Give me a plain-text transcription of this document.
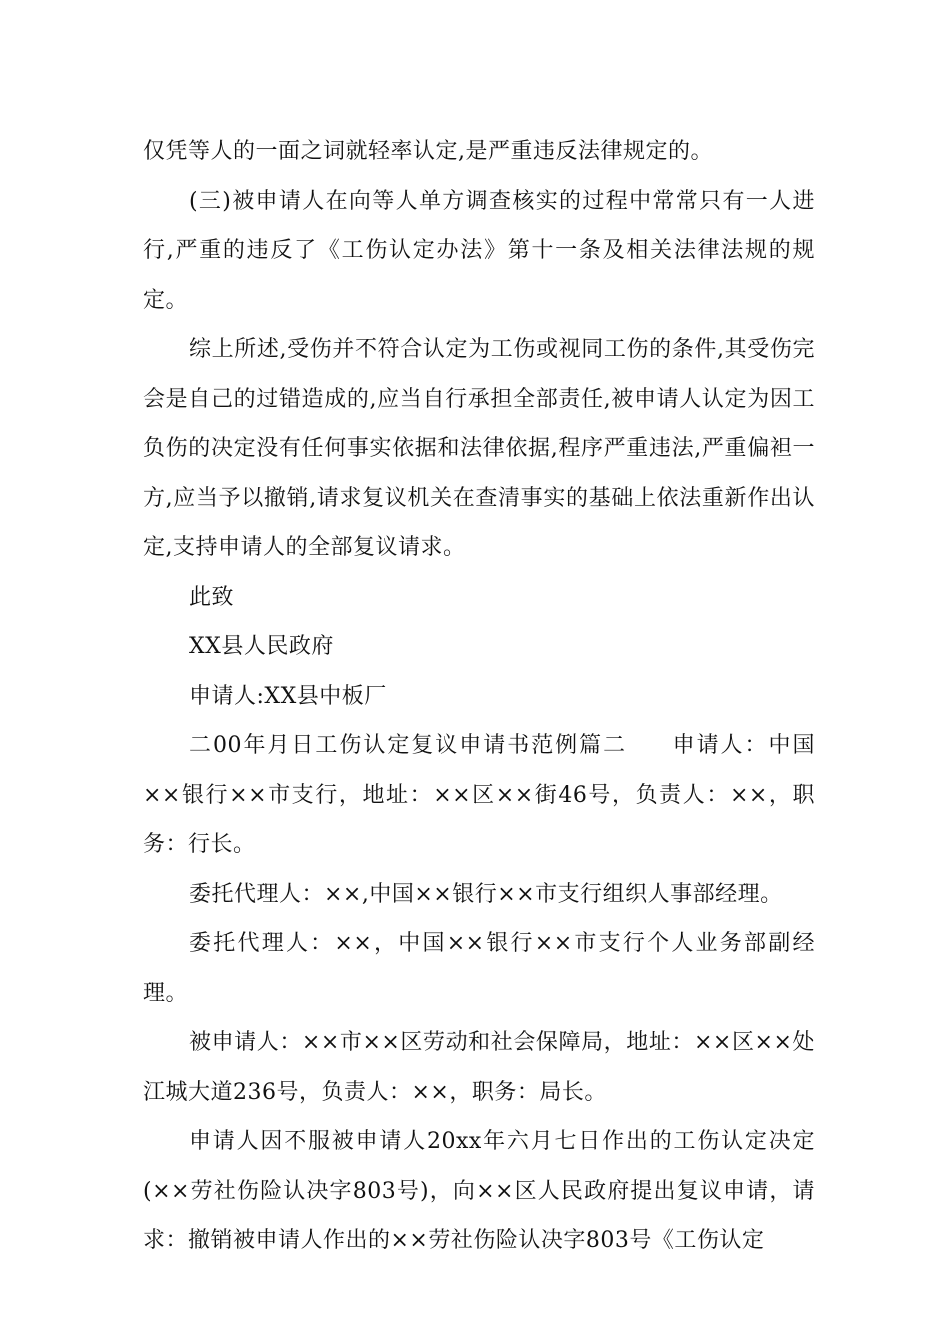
仅凭等人的一面之词就轻率认定,是严重违反法律规定的。

(三)被申请人在向等人单方调查核实的过程中常常只有一人进行,严重的违反了《工伤认定办法》第十一条及相关法律法规的规定。

综上所述,受伤并不符合认定为工伤或视同工伤的条件,其受伤完会是自己的过错造成的,应当自行承担全部责任,被申请人认定为因工负伤的决定没有任何事实依据和法律依据,程序严重违法,严重偏袒一方,应当予以撤销,请求复议机关在查清事实的基础上依法重新作出认定,支持申请人的全部复议请求。

此致

XX县人民政府

申请人:XX县中板厂

二00年月日工伤认定复议申请书范例篇二 申请人：中国××银行××市支行，地址：××区××街46号，负责人：××，职务：行长。

委托代理人：××,中国××银行××市支行组织人事部经理。

委托代理人：××，中国××银行××市支行个人业务部副经理。

被申请人：××市××区劳动和社会保障局，地址：××区××处江城大道236号，负责人：××，职务：局长。

申请人因不服被申请人20xx年六月七日作出的工伤认定决定(××劳社伤险认决字803号)，向××区人民政府提出复议申请，请求：撤销被申请人作出的××劳社伤险认决字803号《工伤认定
